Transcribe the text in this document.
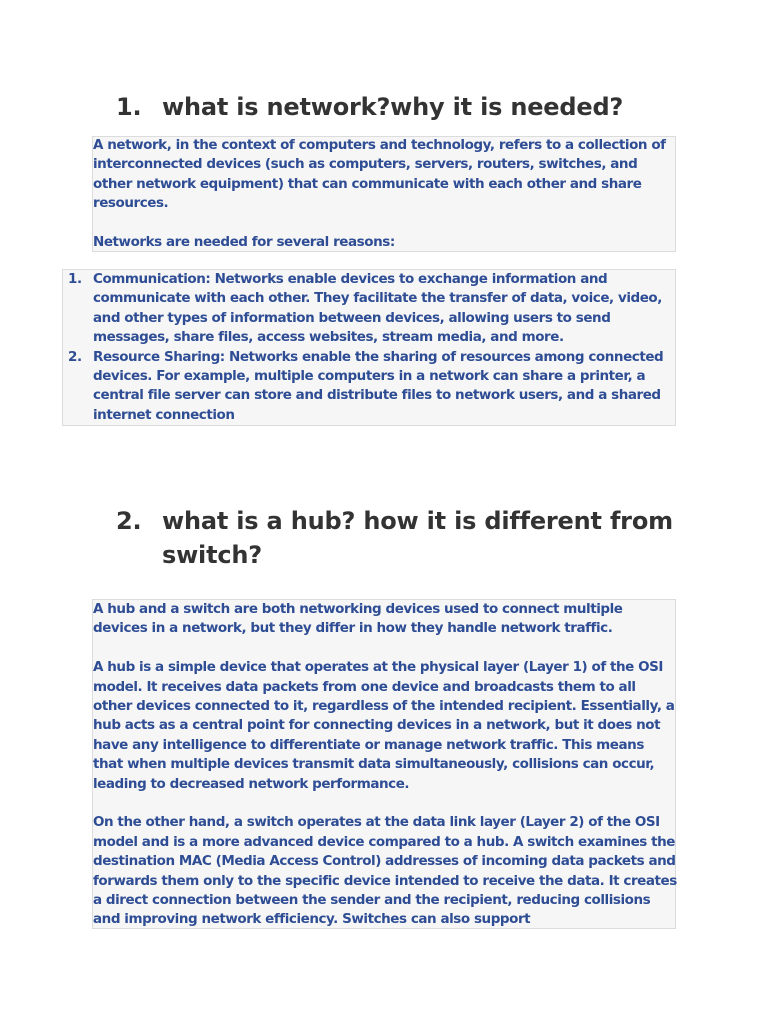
1. what is network?why it is needed?

A network, in the context of computers and technology, refers to a collection of interconnected devices (such as computers, servers, routers, switches, and other network equipment) that can communicate with each other and share resources.

Networks are needed for several reasons:

1. Communication: Networks enable devices to exchange information and communicate with each other. They facilitate the transfer of data, voice, video, and other types of information between devices, allowing users to send messages, share files, access websites, stream media, and more.
2. Resource Sharing: Networks enable the sharing of resources among connected devices. For example, multiple computers in a network can share a printer, a central file server can store and distribute files to network users, and a shared internet connection
2. what is a hub? how it is different from switch?

A hub and a switch are both networking devices used to connect multiple devices in a network, but they differ in how they handle network traffic.

A hub is a simple device that operates at the physical layer (Layer 1) of the OSI model. It receives data packets from one device and broadcasts them to all other devices connected to it, regardless of the intended recipient. Essentially, a hub acts as a central point for connecting devices in a network, but it does not have any intelligence to differentiate or manage network traffic. This means that when multiple devices transmit data simultaneously, collisions can occur, leading to decreased network performance.

On the other hand, a switch operates at the data link layer (Layer 2) of the OSI model and is a more advanced device compared to a hub. A switch examines the destination MAC (Media Access Control) addresses of incoming data packets and forwards them only to the specific device intended to receive the data. It creates a direct connection between the sender and the recipient, reducing collisions and improving network efficiency. Switches can also support
